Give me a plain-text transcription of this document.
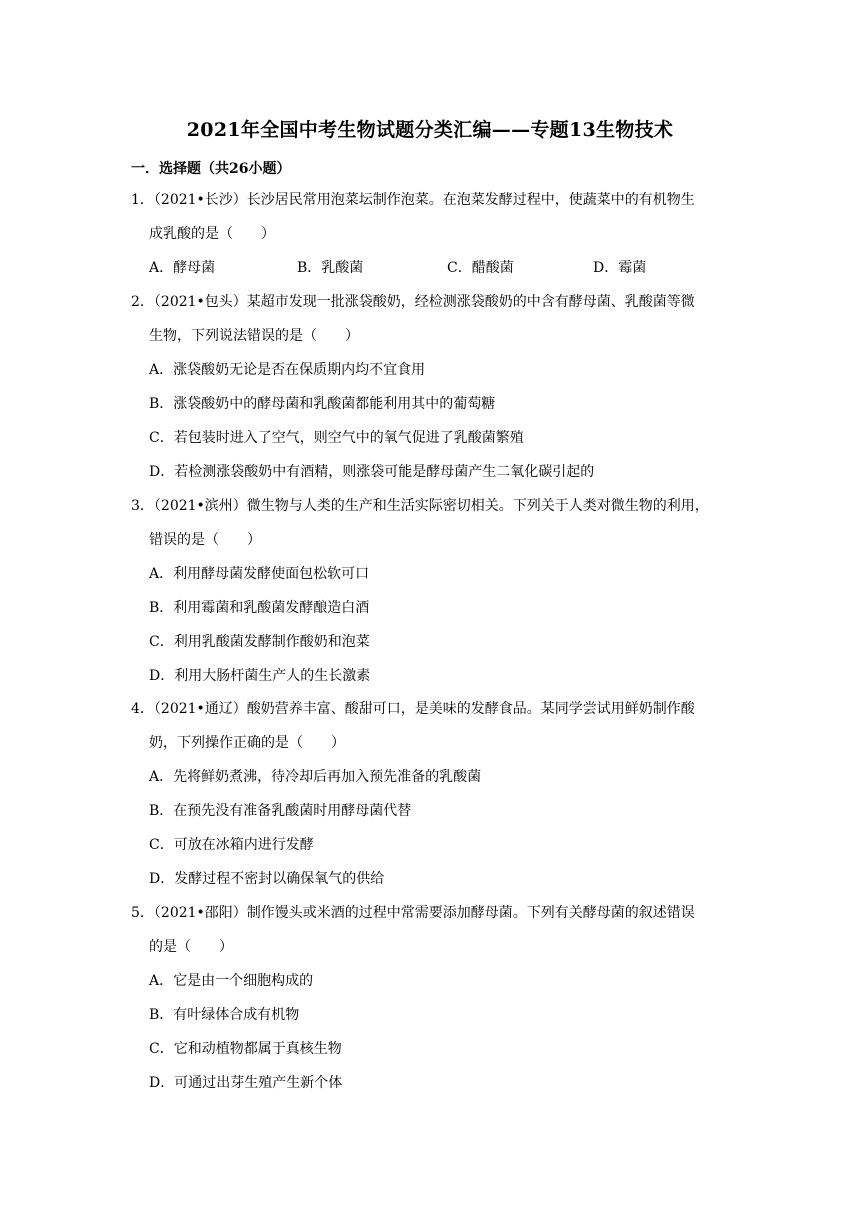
2021年全国中考生物试题分类汇编——专题13生物技术
一．选择题（共26小题）
1．（2021•长沙）长沙居民常用泡菜坛制作泡菜。在泡菜发酵过程中，使蔬菜中的有机物生
成乳酸的是（　　）
A．酵母菌	B．乳酸菌	C．醋酸菌	D．霉菌
2．（2021•包头）某超市发现一批涨袋酸奶，经检测涨袋酸奶的中含有酵母菌、乳酸菌等微
生物，下列说法错误的是（　　）
A．涨袋酸奶无论是否在保质期内均不宜食用
B．涨袋酸奶中的酵母菌和乳酸菌都能利用其中的葡萄糖
C．若包装时进入了空气，则空气中的氧气促进了乳酸菌繁殖
D．若检测涨袋酸奶中有酒精，则涨袋可能是酵母菌产生二氧化碳引起的
3．（2021•滨州）微生物与人类的生产和生活实际密切相关。下列关于人类对微生物的利用，
错误的是（　　）
A．利用酵母菌发酵使面包松软可口
B．利用霉菌和乳酸菌发酵酿造白酒
C．利用乳酸菌发酵制作酸奶和泡菜
D．利用大肠杆菌生产人的生长激素
4．（2021•通辽）酸奶营养丰富、酸甜可口，是美味的发酵食品。某同学尝试用鲜奶制作酸
奶，下列操作正确的是（　　）
A．先将鲜奶煮沸，待冷却后再加入预先准备的乳酸菌
B．在预先没有准备乳酸菌时用酵母菌代替
C．可放在冰箱内进行发酵
D．发酵过程不密封以确保氧气的供给
5．（2021•邵阳）制作馒头或米酒的过程中常需要添加酵母菌。下列有关酵母菌的叙述错误
的是（　　）
A．它是由一个细胞构成的
B．有叶绿体合成有机物
C．它和动植物都属于真核生物
D．可通过出芽生殖产生新个体
